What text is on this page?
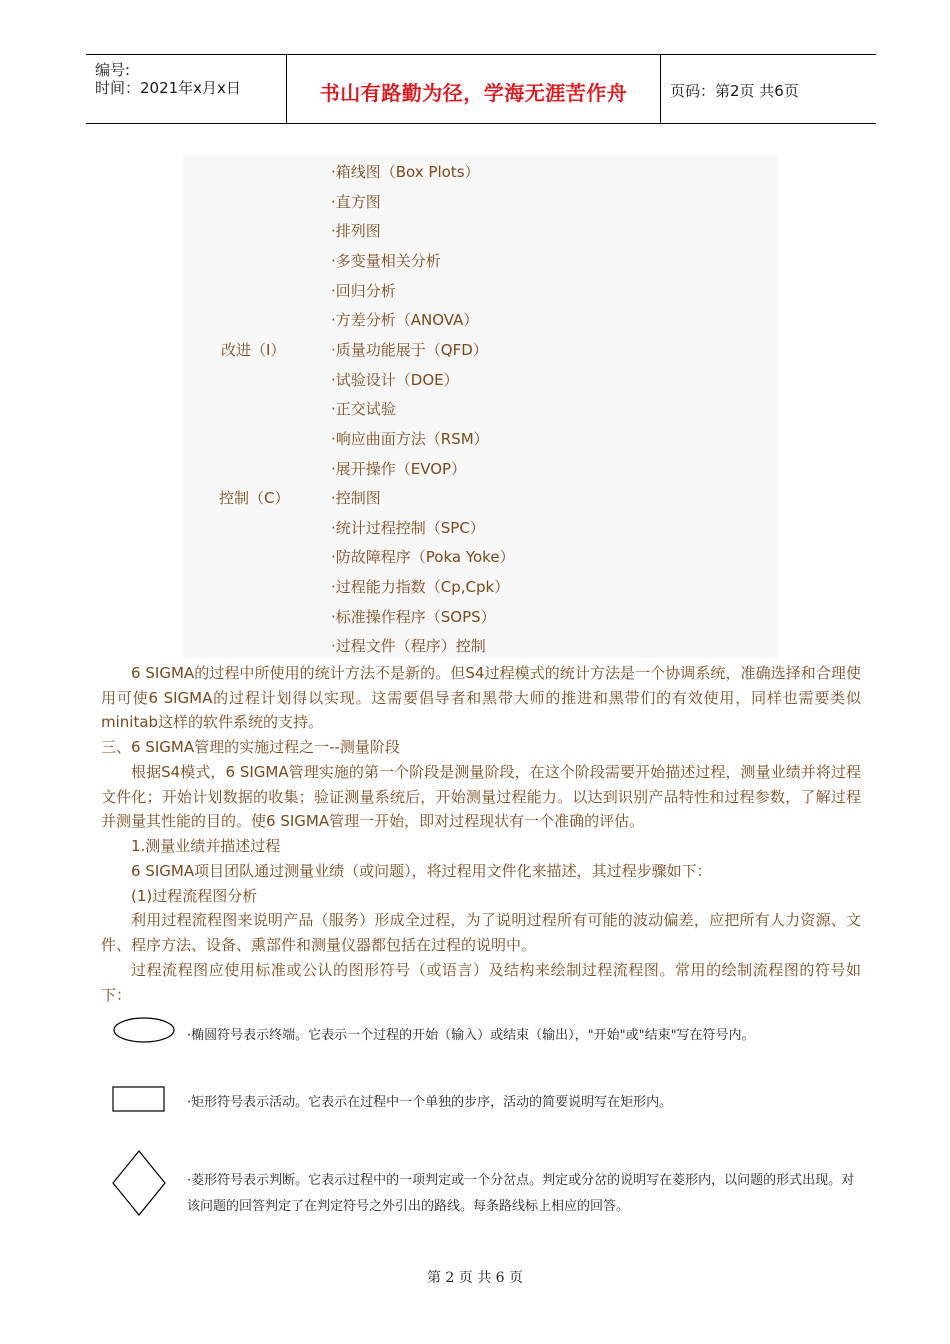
编号:
时间：2021年x月x日	书山有路勤为径，学海无涯苦作舟	页码：第2页 共6页
改进（I）
控制（C）
·箱线图（Box Plots）
·直方图
·排列图
·多变量相关分析
·回归分析
·方差分析（ANOVA）
·质量功能展于（QFD）
·试验设计（DOE）
·正交试验
·响应曲面方法（RSM）
·展开操作（EVOP）
·控制图
·统计过程控制（SPC）
·防故障程序（Poka Yoke）
·过程能力指数（Cp,Cpk）
·标准操作程序（SOPS）
·过程文件（程序）控制
6 SIGMA的过程中所使用的统计方法不是新的。但S4过程模式的统计方法是一个协调系统，准确选择和合理使用可使6 SIGMA的过程计划得以实现。这需要倡导者和黑带大师的推进和黑带们的有效使用，同样也需要类似minitab这样的软件系统的支持。
三、6 SIGMA管理的实施过程之一--测量阶段
根据S4模式，6 SIGMA管理实施的第一个阶段是测量阶段，在这个阶段需要开始描述过程，测量业绩并将过程文件化；开始计划数据的收集；验证测量系统后，开始测量过程能力。以达到识别产品特性和过程参数，了解过程并测量其性能的目的。使6 SIGMA管理一开始，即对过程现状有一个准确的评估。
1.测量业绩并描述过程
6 SIGMA项目团队通过测量业绩（或问题），将过程用文件化来描述，其过程步骤如下：
(1)过程流程图分析
利用过程流程图来说明产品（服务）形成全过程，为了说明过程所有可能的波动偏差，应把所有人力资源、文件、程序方法、设备、熏部件和测量仪器都包括在过程的说明中。
过程流程图应使用标准或公认的图形符号（或语言）及结构来绘制过程流程图。常用的绘制流程图的符号如下：
·椭圆符号表示终端。它表示一个过程的开始（输入）或结束（输出），"开始"或"结束"写在符号内。
·矩形符号表示活动。它表示在过程中一个单独的步序，活动的简要说明写在矩形内。
·菱形符号表示判断。它表示过程中的一项判定或一个分岔点。判定或分岔的说明写在菱形内，以问题的形式出现。对该问题的回答判定了在判定符号之外引出的路线。每条路线标上相应的回答。
第 2 页 共 6 页
